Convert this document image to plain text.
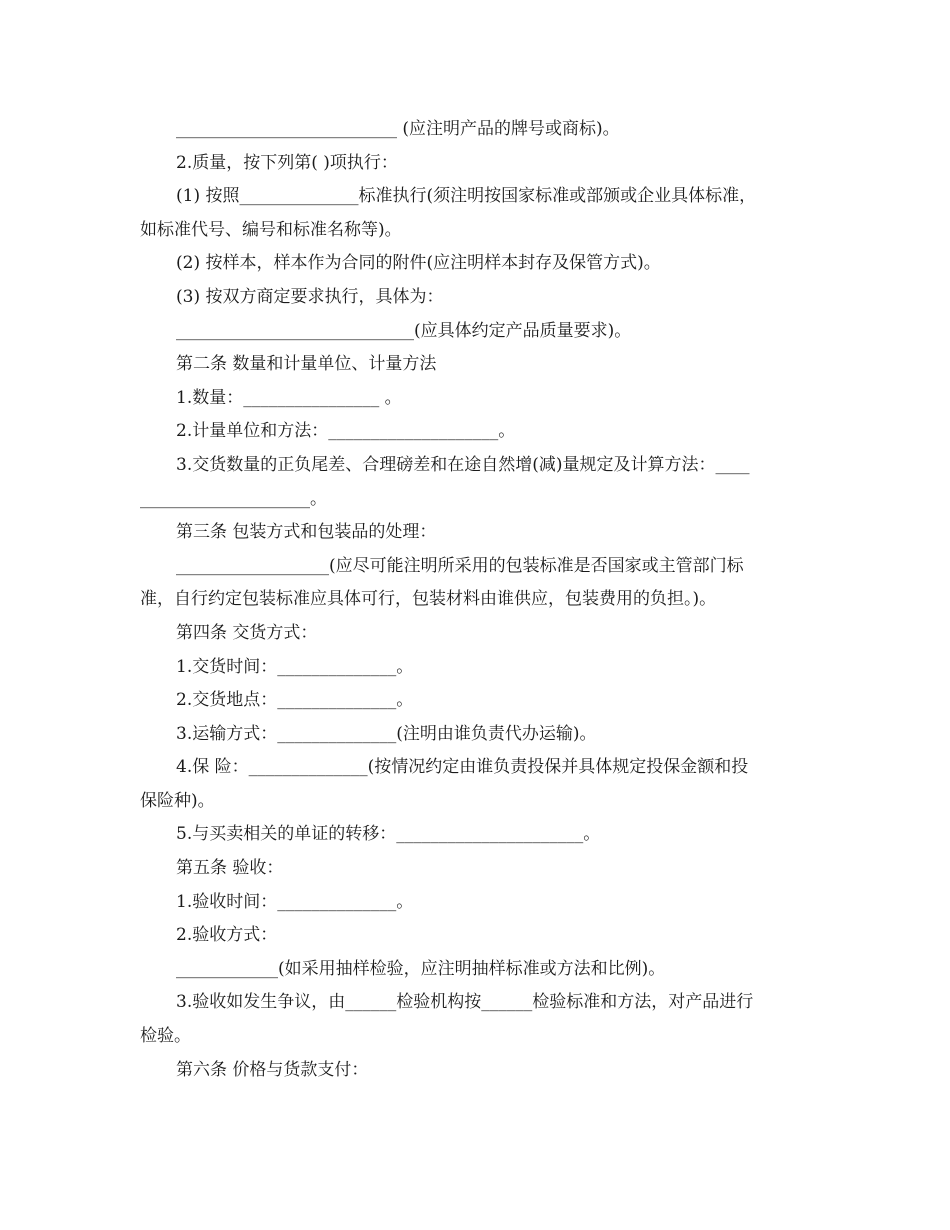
__________________________ (应注明产品的牌号或商标)。
2.质量，按下列第( )项执行：
(1) 按照______________标准执行(须注明按国家标准或部颁或企业具体标准，
如标准代号、编号和标准名称等)。
(2) 按样本，样本作为合同的附件(应注明样本封存及保管方式)。
(3) 按双方商定要求执行，具体为：
____________________________(应具体约定产品质量要求)。
第二条 数量和计量单位、计量方法
1.数量：________________ 。
2.计量单位和方法：____________________。
3.交货数量的正负尾差、合理磅差和在途自然增(减)量规定及计算方法：____
____________________。
第三条 包装方式和包装品的处理：
__________________(应尽可能注明所采用的包装标准是否国家或主管部门标
准，自行约定包装标准应具体可行，包装材料由谁供应，包装费用的负担。)。
第四条 交货方式：
1.交货时间：______________。
2.交货地点：______________。
3.运输方式：______________(注明由谁负责代办运输)。
4.保 险：______________(按情况约定由谁负责投保并具体规定投保金额和投
保险种)。
5.与买卖相关的单证的转移：______________________。
第五条 验收：
1.验收时间：______________。
2.验收方式：
____________(如采用抽样检验，应注明抽样标准或方法和比例)。
3.验收如发生争议，由______检验机构按______检验标准和方法，对产品进行
检验。
第六条 价格与货款支付：
